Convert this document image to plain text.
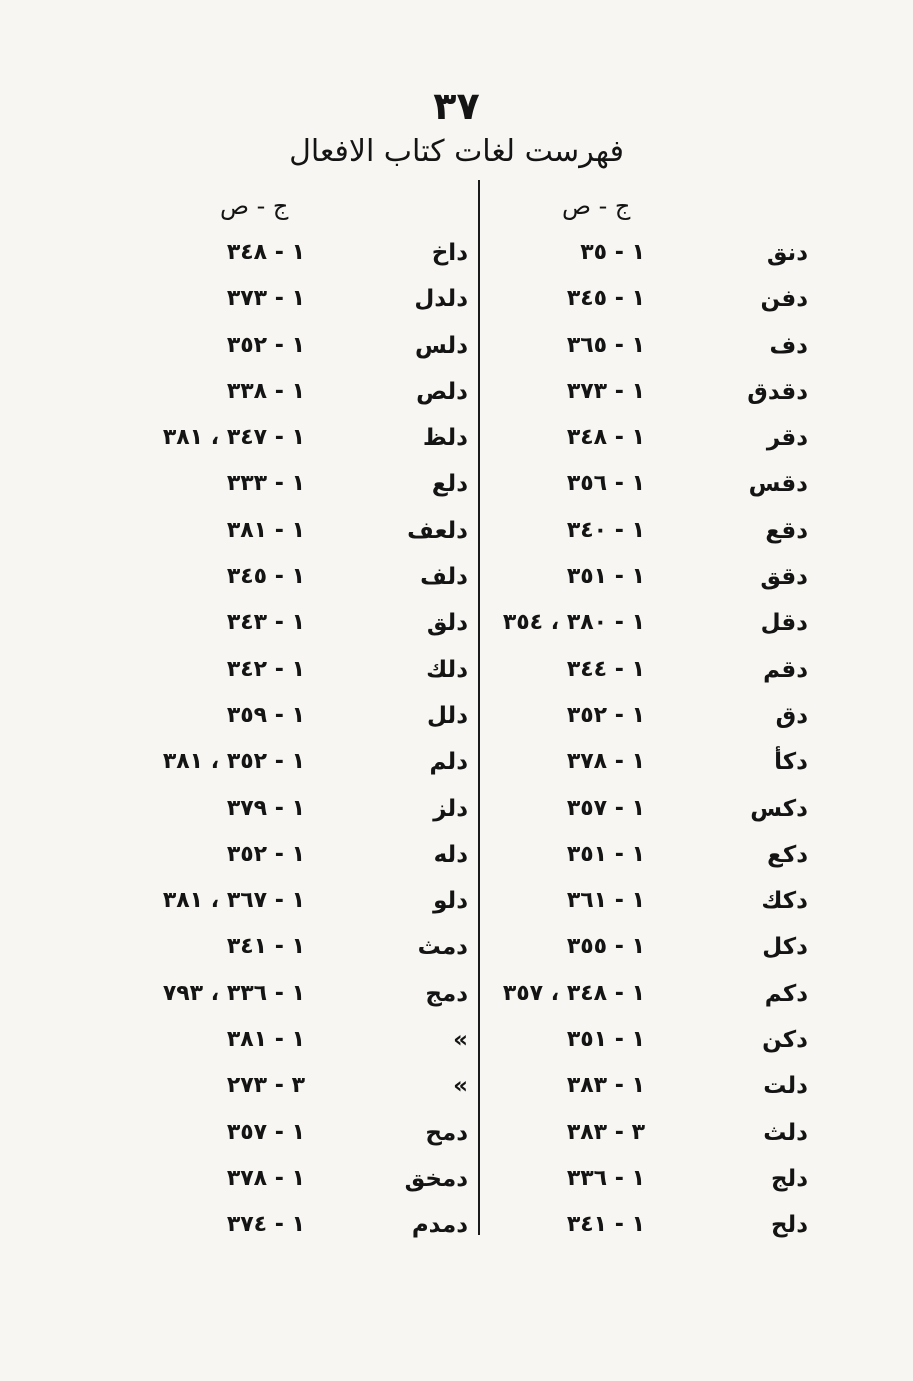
٣٧
فهرست لغات كتاب الافعال
ج - ص
ج - ص
دنق
١ - ٣٥
داخ
١ - ٣٤٨
دفن
١ - ٣٤٥
دلدل
١ - ٣٧٣
دف
١ - ٣٦٥
دلس
١ - ٣٥٢
دقدق
١ - ٣٧٣
دلص
١ - ٣٣٨
دقر
١ - ٣٤٨
دلظ
١ - ٣٤٧ ، ٣٨١
دقس
١ - ٣٥٦
دلع
١ - ٣٣٣
دقع
١ - ٣٤٠
دلعف
١ - ٣٨١
دقق
١ - ٣٥١
دلف
١ - ٣٤٥
دقل
١ - ٣٨٠ ، ٣٥٤
دلق
١ - ٣٤٣
دقم
١ - ٣٤٤
دلك
١ - ٣٤٢
دق
١ - ٣٥٢
دلل
١ - ٣٥٩
دكأ
١ - ٣٧٨
دلم
١ - ٣٥٢ ، ٣٨١
دكس
١ - ٣٥٧
دلز
١ - ٣٧٩
دكع
١ - ٣٥١
دله
١ - ٣٥٢
دكك
١ - ٣٦١
دلو
١ - ٣٦٧ ، ٣٨١
دكل
١ - ٣٥٥
دمث
١ - ٣٤١
دكم
١ - ٣٤٨ ، ٣٥٧
دمج
١ - ٣٣٦ ، ٧٩٣
دكن
١ - ٣٥١
»
١ - ٣٨١
دلت
١ - ٣٨٣
»
٣ - ٢٧٣
دلث
٣ - ٣٨٣
دمح
١ - ٣٥٧
دلج
١ - ٣٣٦
دمخق
١ - ٣٧٨
دلح
١ - ٣٤١
دمدم
١ - ٣٧٤
